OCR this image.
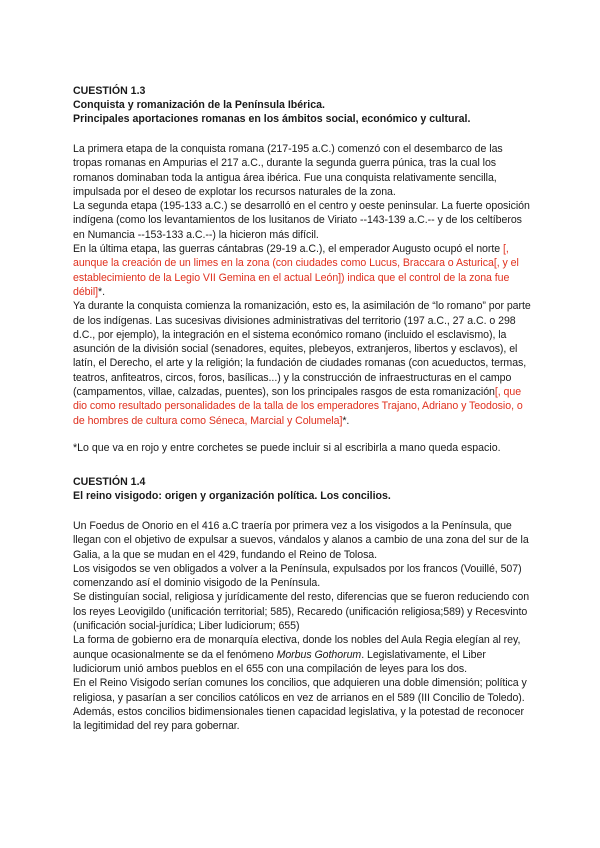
CUESTIÓN 1.3

Conquista y romanización de la Península Ibérica.

Principales aportaciones romanas en los ámbitos social, económico y cultural.

La primera etapa de la conquista romana (217-195 a.C.) comenzó con el desembarco de las tropas romanas en Ampurias el 217 a.C., durante la segunda guerra púnica, tras la cual los romanos dominaban toda la antigua área ibérica. Fue una conquista relativamente sencilla, impulsada por el deseo de explotar los recursos naturales de la zona.

La segunda etapa (195-133 a.C.) se desarrolló en el centro y oeste peninsular. La fuerte oposición indígena (como los levantamientos de los lusitanos de Viriato --143-139 a.C.-- y de los celtíberos en Numancia --153-133 a.C.--) la hicieron más difícil.

En la última etapa, las guerras cántabras (29-19 a.C.), el emperador Augusto ocupó el norte [, aunque la creación de un limes en la zona (con ciudades como Lucus, Braccara o Asturica[, y el establecimiento de la Legio VII Gemina en el actual León]) indica que el control de la zona fue débil]*.

Ya durante la conquista comienza la romanización, esto es, la asimilación de “lo romano” por parte de los indígenas. Las sucesivas divisiones administrativas del territorio (197 a.C., 27 a.C. o 298 d.C., por ejemplo), la integración en el sistema económico romano (incluido el esclavismo), la asunción de la división social (senadores, equites, plebeyos, extranjeros, libertos y esclavos), el latín, el Derecho, el arte y la religión; la fundación de ciudades romanas (con acueductos, termas, teatros, anfiteatros, circos, foros, basílicas...) y la construcción de infraestructuras en el campo (campamentos, villae, calzadas, puentes), son los principales rasgos de esta romanización[, que dio como resultado personalidades de la talla de los emperadores Trajano, Adriano y Teodosio, o de hombres de cultura como Séneca, Marcial y Columela]*.

*Lo que va en rojo y entre corchetes se puede incluir si al escribirla a mano queda espacio.

CUESTIÓN 1.4

El reino visigodo: origen y organización política. Los concilios.

Un Foedus de Onorio en el 416 a.C traería por primera vez a los visigodos a la Península, que llegan con el objetivo de expulsar a suevos, vándalos y alanos a cambio de una zona del sur de la Galia, a la que se mudan en el 429, fundando el Reino de Tolosa.

Los visigodos se ven obligados a volver a la Península, expulsados por los francos (Vouillé, 507) comenzando así el dominio visigodo de la Península.

Se distinguían social, religiosa y jurídicamente del resto, diferencias que se fueron reduciendo con los reyes Leovigildo (unificación territorial; 585), Recaredo (unificación religiosa;589) y Recesvinto (unificación social-jurídica; Liber ludiciorum; 655)

La forma de gobierno era de monarquía electiva, donde los nobles del Aula Regia elegían al rey, aunque ocasionalmente se da el fenómeno Morbus Gothorum. Legislativamente, el Liber ludiciorum unió ambos pueblos en el 655 con una compilación de leyes para los dos.

En el Reino Visigodo serían comunes los concilios, que adquieren una doble dimensión; política y religiosa, y pasarían a ser concilios católicos en vez de arrianos en el 589 (III Concilio de Toledo). Además, estos concilios bidimensionales tienen capacidad legislativa, y la potestad de reconocer la legitimidad del rey para gobernar.
